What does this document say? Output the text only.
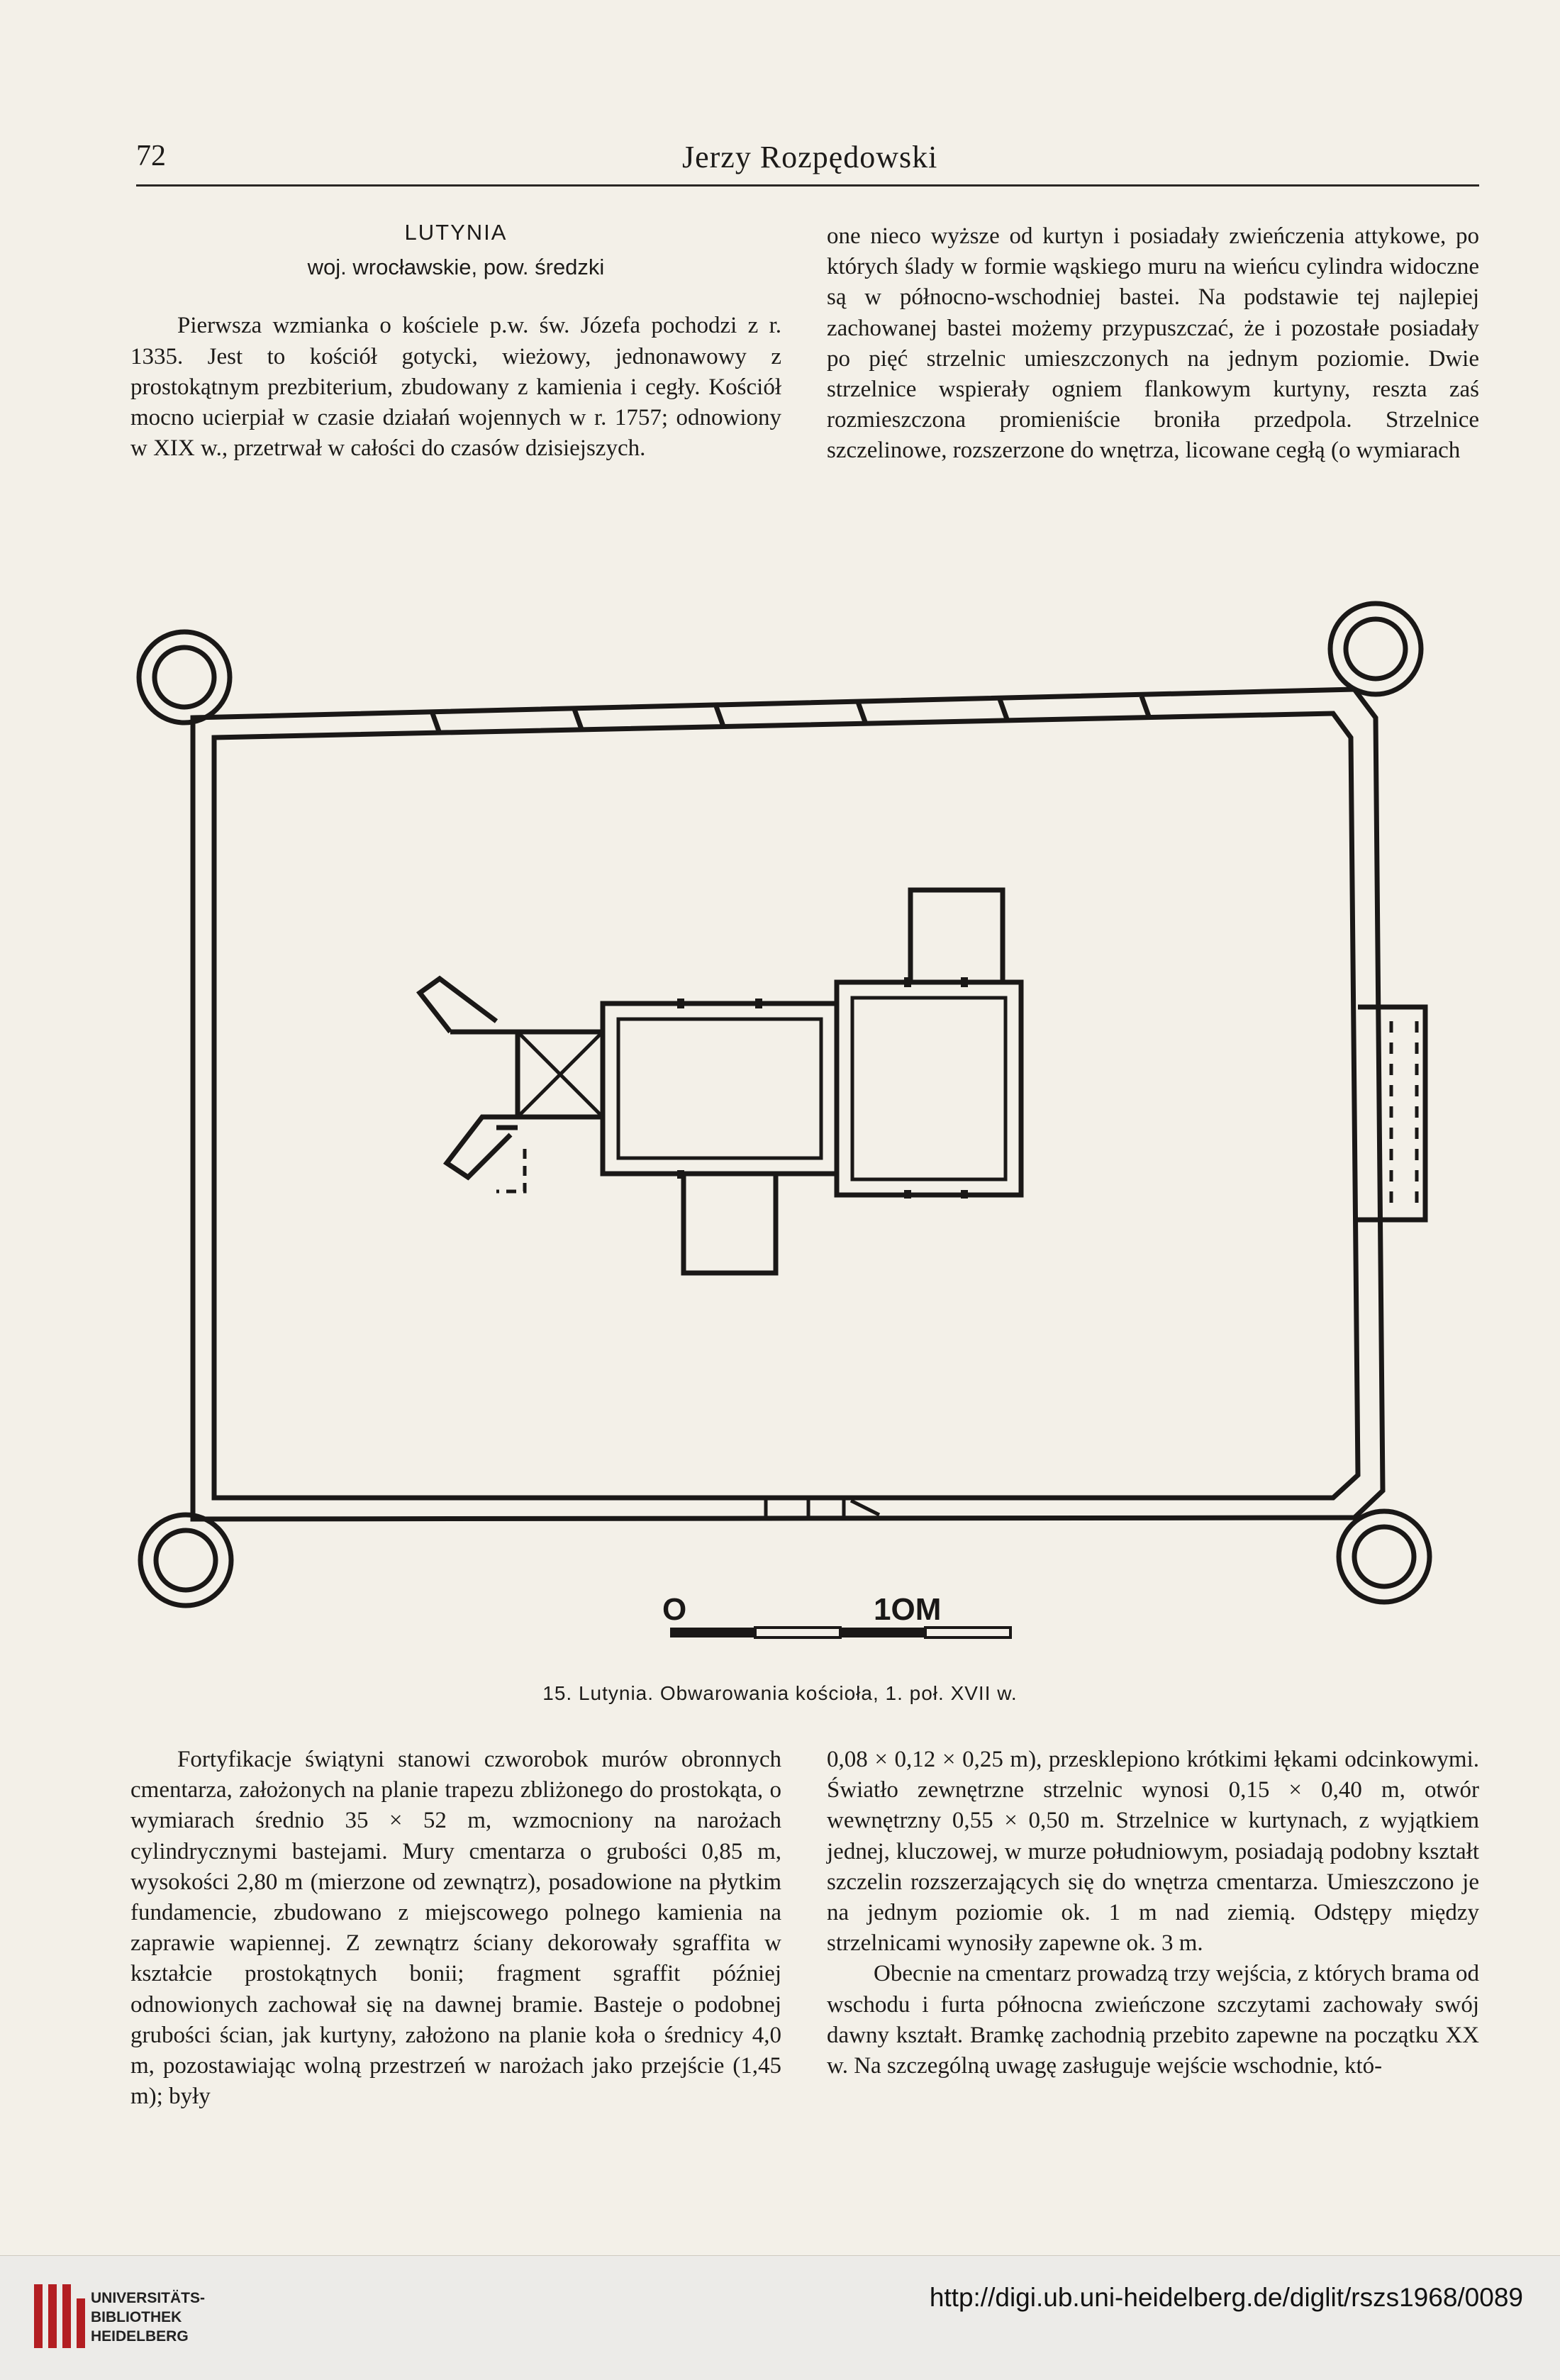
72	Jerzy Rozpędowski
LUTYNIA
woj. wrocławskie, pow. średzki

Pierwsza wzmianka o kościele p.w. św. Józefa pochodzi z r. 1335. Jest to kościół gotycki, wieżowy, jednonawowy z prostokątnym prezbiterium, zbudowany z kamienia i cegły. Kościół mocno ucierpiał w czasie działań wojennych w r. 1757; odnowiony w XIX w., przetrwał w całości do czasów dzisiejszych.

one nieco wyższe od kurtyn i posiadały zwieńczenia attykowe, po których ślady w formie wąskiego muru na wieńcu cylindra widoczne są w północno-wschodniej bastei. Na podstawie tej najlepiej zachowanej bastei możemy przypuszczać, że i pozostałe posiadały po pięć strzelnic umieszczonych na jednym poziomie. Dwie strzelnice wspierały ogniem flankowym kurtyny, reszta zaś rozmieszczona promieniście broniła przedpola. Strzelnice szczelinowe, rozszerzone do wnętrza, licowane cegłą (o wymiarach

O	1OM
15. Lutynia. Obwarowania kościoła, 1. poł. XVII w.

Fortyfikacje świątyni stanowi czworobok murów obronnych cmentarza, założonych na planie trapezu zbliżonego do prostokąta, o wymiarach średnio 35 × 52 m, wzmocniony na narożach cylindrycznymi bastejami. Mury cmentarza o grubości 0,85 m, wysokości 2,80 m (mierzone od zewnątrz), posadowione na płytkim fundamencie, zbudowano z miejscowego polnego kamienia na zaprawie wapiennej. Z zewnątrz ściany dekorowały sgraffita w kształcie prostokątnych bonii; fragment sgraffit później odnowionych zachował się na dawnej bramie. Basteje o podobnej grubości ścian, jak kurtyny, założono na planie koła o średnicy 4,0 m, pozostawiając wolną przestrzeń w narożach jako przejście (1,45 m); były

0,08 × 0,12 × 0,25 m), przesklepiono krótkimi łękami odcinkowymi. Światło zewnętrzne strzelnic wynosi 0,15 × 0,40 m, otwór wewnętrzny 0,55 × 0,50 m. Strzelnice w kurtynach, z wyjątkiem jednej, kluczowej, w murze południowym, posiadają podobny kształt szczelin rozszerzających się do wnętrza cmentarza. Umieszczono je na jednym poziomie ok. 1 m nad ziemią. Odstępy między strzelnicami wynosiły zapewne ok. 3 m.

Obecnie na cmentarz prowadzą trzy wejścia, z których brama od wschodu i furta północna zwieńczone szczytami zachowały swój dawny kształt. Bramkę zachodnią przebito zapewne na początku XX w. Na szczególną uwagę zasługuje wejście wschodnie, któ-

UNIVERSITÄTS-
BIBLIOTHEK
HEIDELBERG
http://digi.ub.uni-heidelberg.de/diglit/rszs1968/0089
